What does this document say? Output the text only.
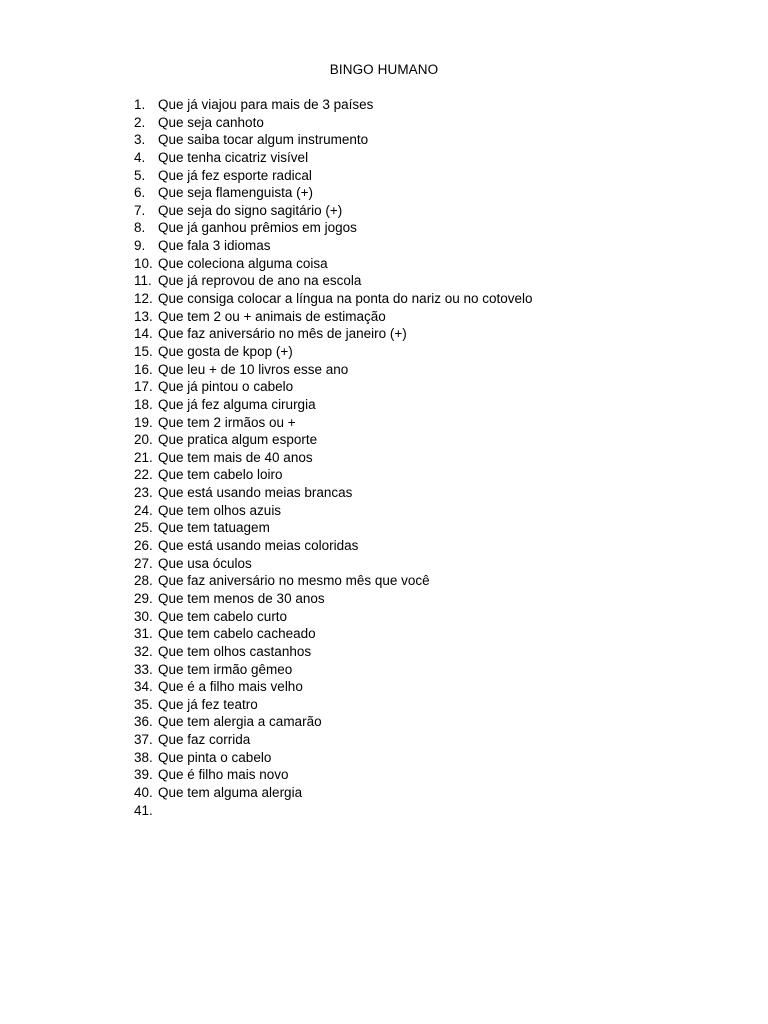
BINGO HUMANO
1. Que já viajou para mais de 3 países
2. Que seja canhoto
3. Que saiba tocar algum instrumento
4. Que tenha cicatriz visível
5. Que já fez esporte radical
6. Que seja flamenguista (+)
7. Que seja do signo sagitário (+)
8. Que já ganhou prêmios em jogos
9. Que fala 3 idiomas
10. Que coleciona alguma coisa
11. Que já reprovou de ano na escola
12. Que consiga colocar a língua na ponta do nariz ou no cotovelo
13. Que tem 2 ou + animais de estimação
14. Que faz aniversário no mês de janeiro (+)
15. Que gosta de kpop (+)
16. Que leu + de 10 livros esse ano
17. Que já pintou o cabelo
18. Que já fez alguma cirurgia
19. Que tem 2 irmãos ou +
20. Que pratica algum esporte
21. Que tem mais de 40 anos
22. Que tem cabelo loiro
23. Que está usando meias brancas
24. Que tem olhos azuis
25. Que tem tatuagem
26. Que está usando meias coloridas
27. Que usa óculos
28. Que faz aniversário no mesmo mês que você
29. Que tem menos de 30 anos
30. Que tem cabelo curto
31. Que tem cabelo cacheado
32. Que tem olhos castanhos
33. Que tem irmão gêmeo
34. Que é a filho mais velho
35. Que já fez teatro
36. Que tem alergia a camarão
37. Que faz corrida
38. Que pinta o cabelo
39. Que é filho mais novo
40. Que tem alguma alergia
41.
